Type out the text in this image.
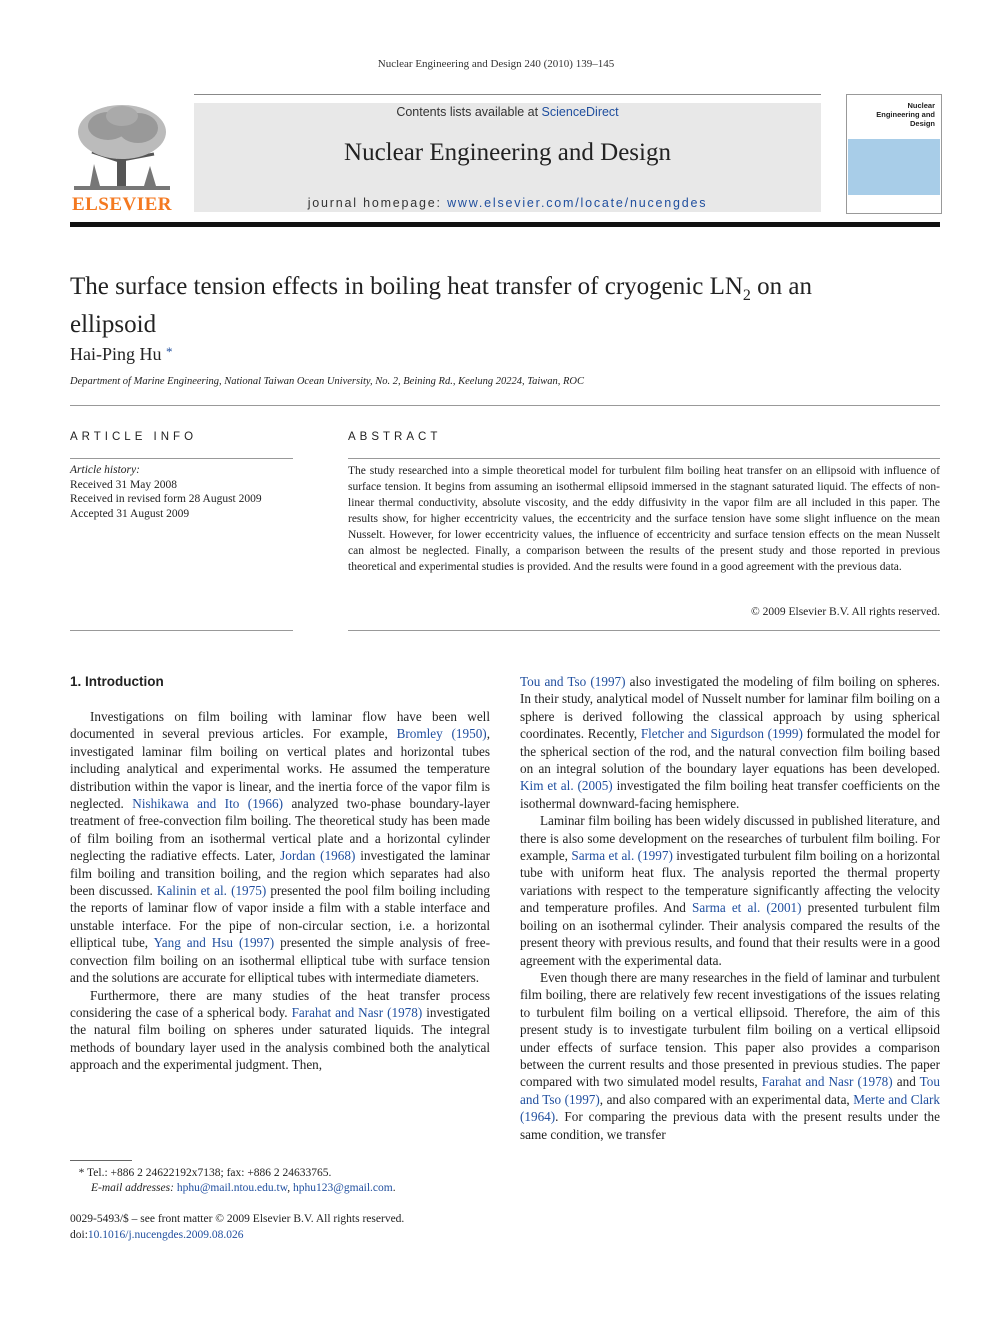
Nuclear Engineering and Design 240 (2010) 139–145
ELSEVIER
Contents lists available at ScienceDirect
Nuclear Engineering and Design
journal homepage: www.elsevier.com/locate/nucengdes
Nuclear Engineering and Design
The surface tension effects in boiling heat transfer of cryogenic $LN_2$ on an ellipsoid
Hai-Ping Hu *
Department of Marine Engineering, National Taiwan Ocean University, No. 2, Beining Rd., Keelung 20224, Taiwan, ROC
ARTICLE INFO
Article history:
Received 31 May 2008
Received in revised form 28 August 2009
Accepted 31 August 2009
ABSTRACT
The study researched into a simple theoretical model for turbulent film boiling heat transfer on an ellipsoid with influence of surface tension. It begins from assuming an isothermal ellipsoid immersed in the stagnant saturated liquid. The effects of non-linear thermal conductivity, absolute viscosity, and the eddy diffusivity in the vapor film are all included in this paper. The results show, for higher eccentricity values, the eccentricity and the surface tension have some slight influence on the mean Nusselt. However, for lower eccentricity values, the influence of eccentricity and surface tension effects on the mean Nusselt can almost be neglected. Finally, a comparison between the results of the present study and those reported in previous theoretical and experimental studies is provided. And the results were found in a good agreement with the previous data.
© 2009 Elsevier B.V. All rights reserved.
1. Introduction

Investigations on film boiling with laminar flow have been well documented in several previous articles. For example, Bromley (1950), investigated laminar film boiling on vertical plates and horizontal tubes including analytical and experimental works. He assumed the temperature distribution within the vapor is linear, and the inertia force of the vapor film is neglected. Nishikawa and Ito (1966) analyzed two-phase boundary-layer treatment of free-convection film boiling. The theoretical study has been made of film boiling from an isothermal vertical plate and a horizontal cylinder neglecting the radiative effects. Later, Jordan (1968) investigated the laminar film boiling and transition boiling, and the region which separates had also been discussed. Kalinin et al. (1975) presented the pool film boiling including the reports of laminar flow of vapor inside a film with a stable interface and unstable interface. For the pipe of non-circular section, i.e. a horizontal elliptical tube, Yang and Hsu (1997) presented the simple analysis of free-convection film boiling on an isothermal elliptical tube with surface tension and the solutions are accurate for elliptical tubes with intermediate diameters.

Furthermore, there are many studies of the heat transfer process considering the case of a spherical body. Farahat and Nasr (1978) investigated the natural film boiling on spheres under saturated liquids. The integral methods of boundary layer used in the analysis combined both the analytical approach and the experimental judgment. Then,

Tou and Tso (1997) also investigated the modeling of film boiling on spheres. In their study, analytical model of Nusselt number for laminar film boiling on a sphere is derived following the classical approach by using spherical coordinates. Recently, Fletcher and Sigurdson (1999) formulated the model for the spherical section of the rod, and the natural convection film boiling based on an integral solution of the boundary layer equations has been developed. Kim et al. (2005) investigated the film boiling heat transfer coefficients on the isothermal downward-facing hemisphere.

Laminar film boiling has been widely discussed in published literature, and there is also some development on the researches of turbulent film boiling. For example, Sarma et al. (1997) investigated turbulent film boiling on a horizontal tube with uniform heat flux. The analysis reported the thermal property variations with respect to the temperature significantly affecting the velocity and temperature profiles. And Sarma et al. (2001) presented turbulent film boiling on an isothermal cylinder. Their analysis compared the results of the present theory with previous results, and found that their results were in a good agreement with the experimental data.

Even though there are many researches in the field of laminar and turbulent film boiling, there are relatively few recent investigations of the issues relating to turbulent film boiling on a vertical ellipsoid. Therefore, the aim of this present study is to investigate turbulent film boiling on a vertical ellipsoid under effects of surface tension. This paper also provides a comparison between the current results and those presented in previous studies. The paper compared with two simulated model results, Farahat and Nasr (1978) and Tou and Tso (1997), and also compared with an experimental data, Merte and Clark (1964). For comparing the previous data with the present results under the same condition, we transfer

* Tel.: +886 2 24622192x7138; fax: +886 2 24633765.
E-mail addresses: hphu@mail.ntou.edu.tw, hphu123@gmail.com.
0029-5493/$ – see front matter © 2009 Elsevier B.V. All rights reserved.
doi:10.1016/j.nucengdes.2009.08.026
